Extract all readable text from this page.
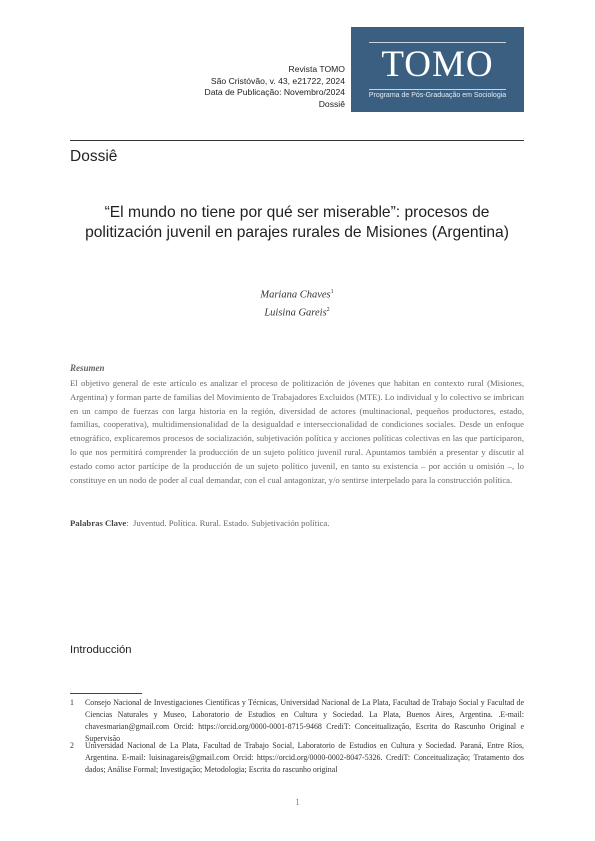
Revista TOMO
São Cristóvão, v. 43, e21722, 2024
Data de Publicação: Novembro/2024
Dossiê
TOMO
Programa de Pós-Graduação em Sociologia
Dossiê
“El mundo no tiene por qué ser miserable”: procesos de politización juvenil en parajes rurales de Misiones (Argentina)
Mariana Chaves$^1$
Luisina Gareis$^2$
Resumen
El objetivo general de este artículo es analizar el proceso de politización de jóvenes que habitan en contexto rural (Misiones, Argentina) y forman parte de familias del Movimiento de Trabajadores Excluidos (MTE). Lo individual y lo colectivo se imbrican en un campo de fuerzas con larga historia en la región, diversidad de actores (multinacional, pequeños productores, estado, familias, cooperativa), multidimensionalidad de la desigualdad e interseccionalidad de condiciones sociales. Desde un enfoque etnográfico, explicaremos procesos de socialización, subjetivación política y acciones políticas colectivas en las que participaron, lo que nos permitirá comprender la producción de un sujeto político juvenil rural. Apuntamos también a presentar y discutir al estado como actor partícipe de la producción de un sujeto político juvenil, en tanto su existencia – por acción u omisión –, lo constituye en un nodo de poder al cual demandar, con el cual antagonizar, y/o sentirse interpelado para la construcción política.
Palabras Clave:  Juventud. Política. Rural. Estado. Subjetivación política.
Introducción
1 Consejo Nacional de Investigaciones Científicas y Técnicas, Universidad Nacional de La Plata, Facultad de Trabajo Social y Facultad de Ciencias Naturales y Museo, Laboratorio de Estudios en Cultura y Sociedad. La Plata, Buenos Aires, Argentina. .E-mail: chavesmarian@gmail.com Orcid: https://orcid.org/0000-0001-8715-9468 CrediT: Conceitualização, Escrita do Rascunho Original e Supervisão
2 Universidad Nacional de La Plata, Facultad de Trabajo Social, Laboratorio de Estudios en Cultura y Sociedad. Paraná, Entre Ríos, Argentina. E-mail: luisinagareis@gmail.com Orcid: https://orcid.org/0000-0002-8047-5326. CrediT: Conceitualização; Tratamento dos dados; Análise Formal; Investigação; Metodologia; Escrita do rascunho original
1
